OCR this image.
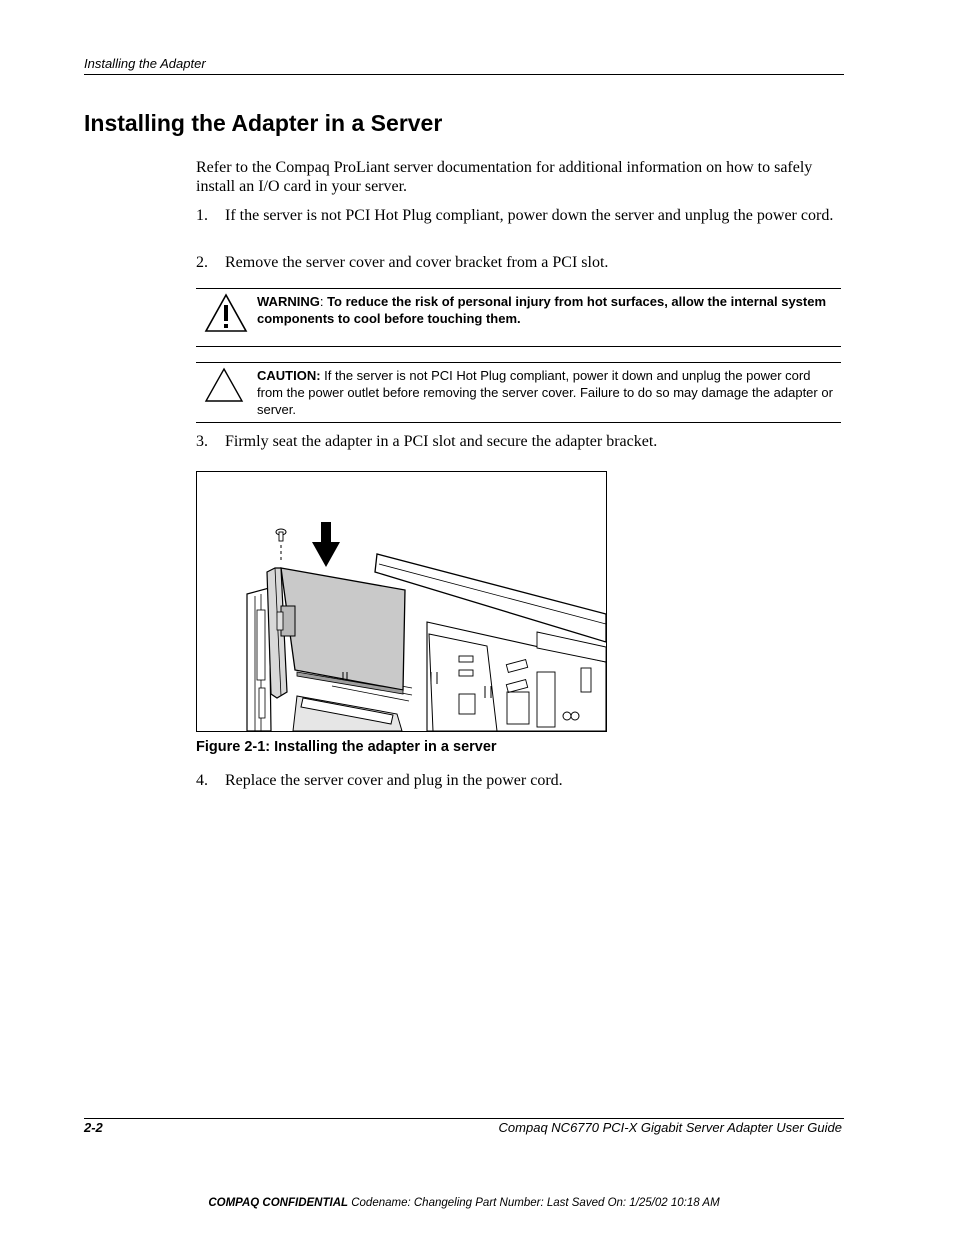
Installing the Adapter
Installing the Adapter in a Server
Refer to the Compaq ProLiant server documentation for additional information on how to safely install an I/O card in your server.
1. If the server is not PCI Hot Plug compliant, power down the server and unplug the power cord.
2. Remove the server cover and cover bracket from a PCI slot.
WARNING: To reduce the risk of personal injury from hot surfaces, allow the internal system components to cool before touching them.
CAUTION: If the server is not PCI Hot Plug compliant, power it down and unplug the power cord from the power outlet before removing the server cover. Failure to do so may damage the adapter or server.
3. Firmly seat the adapter in a PCI slot and secure the adapter bracket.
Figure 2-1: Installing the adapter in a server
4. Replace the server cover and plug in the power cord.
2-2	Compaq NC6770 PCI-X Gigabit Server Adapter User Guide
COMPAQ CONFIDENTIAL Codename: Changeling Part Number: Last Saved On: 1/25/02 10:18 AM
